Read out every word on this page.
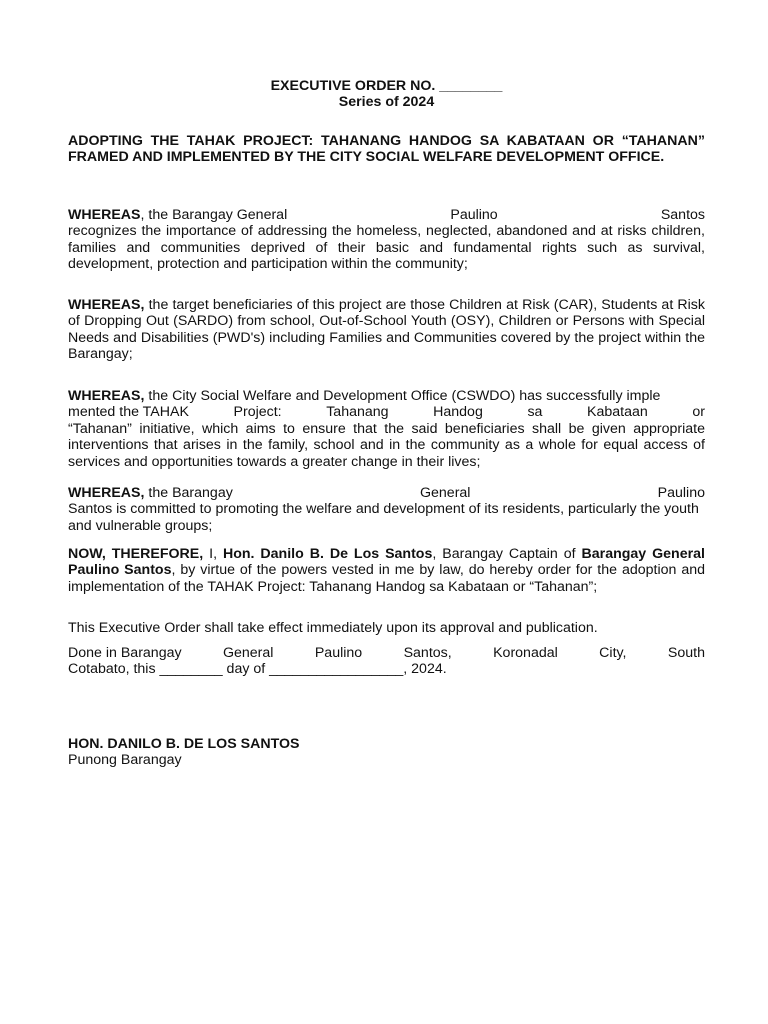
EXECUTIVE ORDER NO. ________
Series of 2024

ADOPTING THE TAHAK PROJECT: TAHANANG HANDOG SA KABATAAN OR “TAHANAN” FRAMED AND IMPLEMENTED BY THE CITY SOCIAL WELFARE DEVELOPMENT OFFICE.

WHEREAS, the Barangay General	Paulino	Santos
recognizes the importance of addressing the homeless, neglected, abandoned and at risks children, families and communities deprived of their basic and fundamental rights such as survival, development, protection and participation within the community;

WHEREAS, the target beneficiaries of this project are those Children at Risk (CAR), Students at Risk of Dropping Out (SARDO) from school, Out-of-School Youth (OSY), Children or Persons with Special Needs and Disabilities (PWD's) including Families and Communities covered by the project within the Barangay;

WHEREAS, the City Social Welfare and Development Office (CSWDO) has successfully imple
mented the TAHAK	Project:	Tahanang	Handog	sa	Kabataan	or
“Tahanan” initiative, which aims to ensure that the said beneficiaries shall be given appropriate interventions that arises in the family, school and in the community as a whole for equal access of services and opportunities towards a greater change in their lives;
WHEREAS, the Barangay	General	Paulino
Santos is committed to promoting the welfare and development of its residents, particularly the youth and vulnerable groups;

NOW, THEREFORE, I, Hon. Danilo B. De Los Santos, Barangay Captain of Barangay General Paulino Santos, by virtue of the powers vested in me by law, do hereby order for the adoption and implementation of the TAHAK Project: Tahanang Handog sa Kabataan or “Tahanan”;

This Executive Order shall take effect immediately upon its approval and publication.

Done in Barangay	General	Paulino	Santos,	Koronadal	City,	South
Cotabato, this ________ day of _________________, 2024.
HON. DANILO B. DE LOS SANTOS
Punong Barangay
